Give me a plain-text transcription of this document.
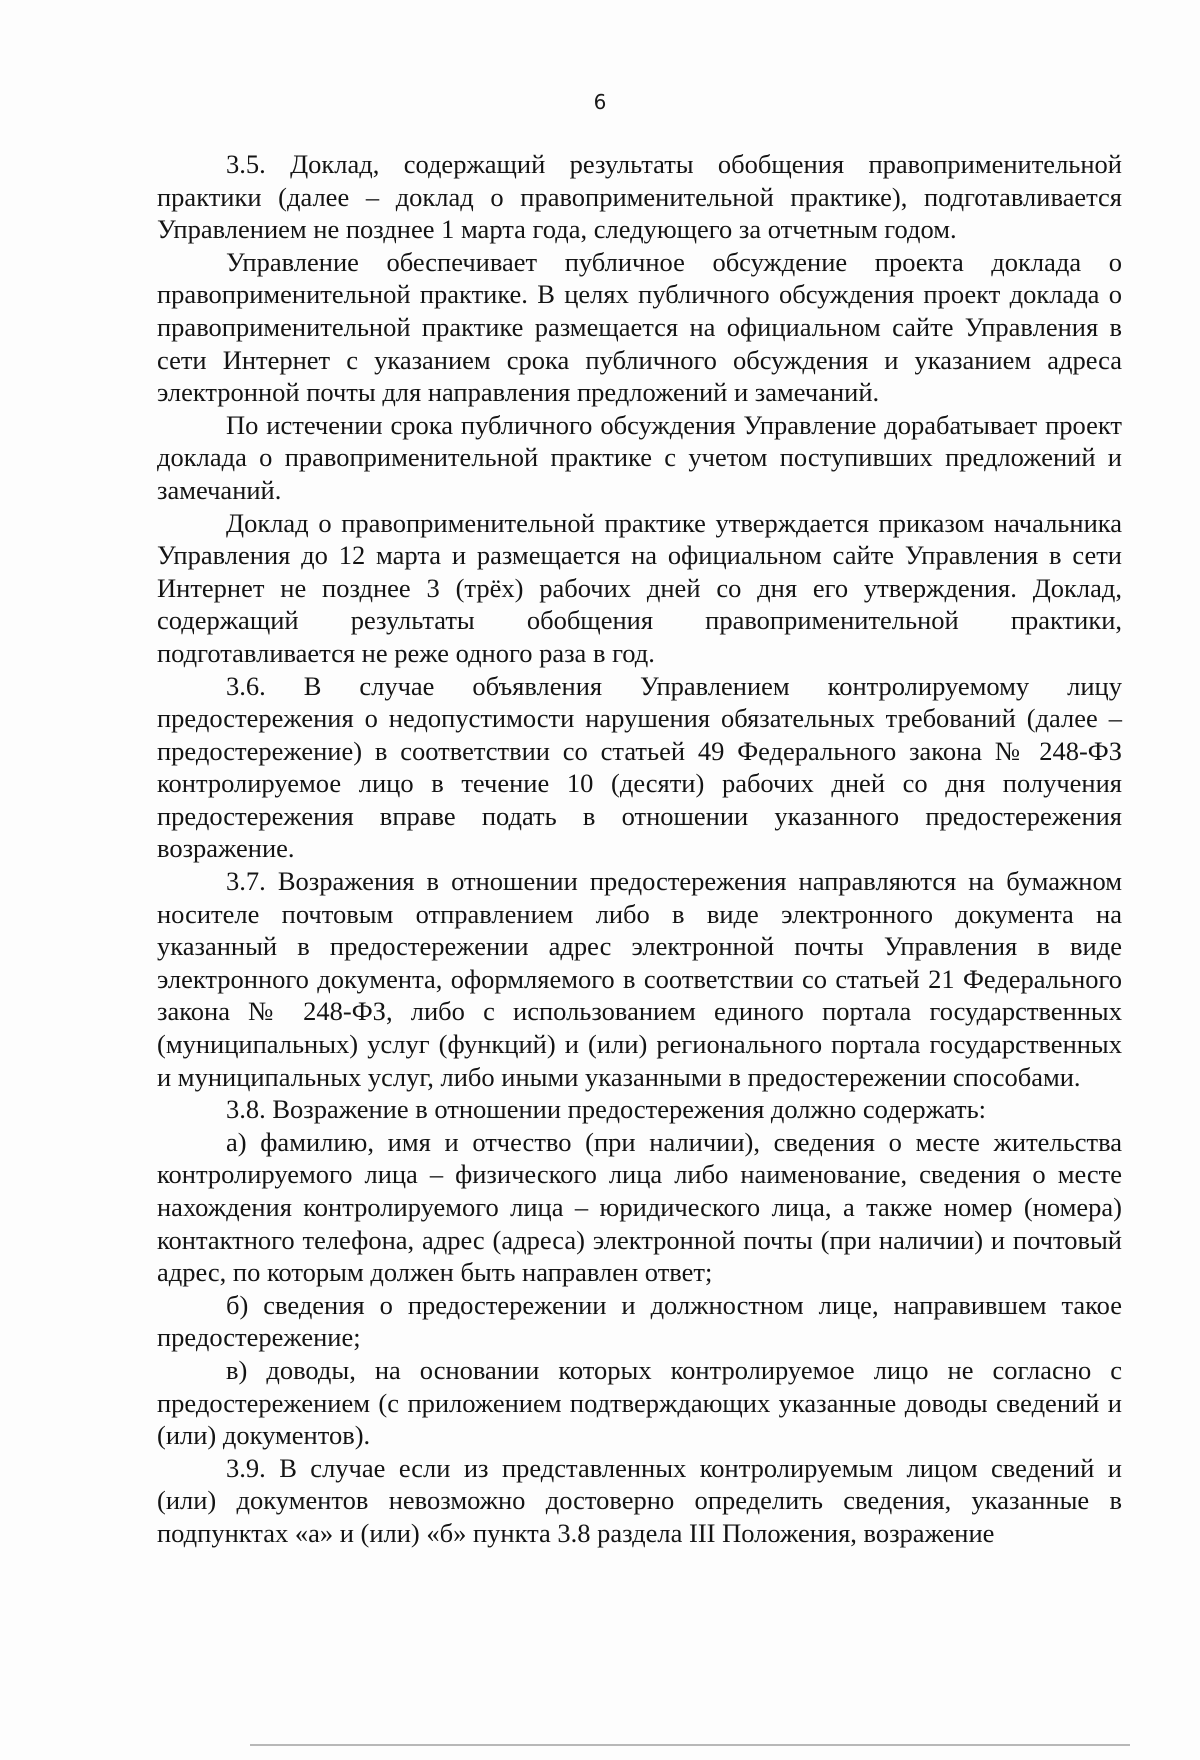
6

3.5. Доклад, содержащий результаты обобщения правоприменительной практики (далее – доклад о правоприменительной практике), подготавливается Управлением не позднее 1 марта года, следующего за отчетным годом.

Управление обеспечивает публичное обсуждение проекта доклада о правоприменительной практике. В целях публичного обсуждения проект доклада о правоприменительной практике размещается на официальном сайте Управления в сети Интернет с указанием срока публичного обсуждения и указанием адреса электронной почты для направления предложений и замечаний.

По истечении срока публичного обсуждения Управление дорабатывает проект доклада о правоприменительной практике с учетом поступивших предложений и замечаний.

Доклад о правоприменительной практике утверждается приказом начальника Управления до 12 марта и размещается на официальном сайте Управления в сети Интернет не позднее 3 (трёх) рабочих дней со дня его утверждения. Доклад, содержащий результаты обобщения правоприменительной практики, подготавливается не реже одного раза в год.

3.6. В случае объявления Управлением контролируемому лицу предостережения о недопустимости нарушения обязательных требований (далее – предостережение) в соответствии со статьей 49 Федерального закона № 248-ФЗ контролируемое лицо в течение 10 (десяти) рабочих дней со дня получения предостережения вправе подать в отношении указанного предостережения возражение.

3.7. Возражения в отношении предостережения направляются на бумажном носителе почтовым отправлением либо в виде электронного документа на указанный в предостережении адрес электронной почты Управления в виде электронного документа, оформляемого в соответствии со статьей 21 Федерального закона № 248-ФЗ, либо с использованием единого портала государственных (муниципальных) услуг (функций) и (или) регионального портала государственных и муниципальных услуг, либо иными указанными в предостережении способами.

3.8. Возражение в отношении предостережения должно содержать:

а) фамилию, имя и отчество (при наличии), сведения о месте жительства контролируемого лица – физического лица либо наименование, сведения о месте нахождения контролируемого лица – юридического лица, а также номер (номера) контактного телефона, адрес (адреса) электронной почты (при наличии) и почтовый адрес, по которым должен быть направлен ответ;

б) сведения о предостережении и должностном лице, направившем такое предостережение;

в) доводы, на основании которых контролируемое лицо не согласно с предостережением (с приложением подтверждающих указанные доводы сведений и (или) документов).

3.9. В случае если из представленных контролируемым лицом сведений и (или) документов невозможно достоверно определить сведения, указанные в подпунктах «а» и (или) «б» пункта 3.8 раздела III Положения, возражение
